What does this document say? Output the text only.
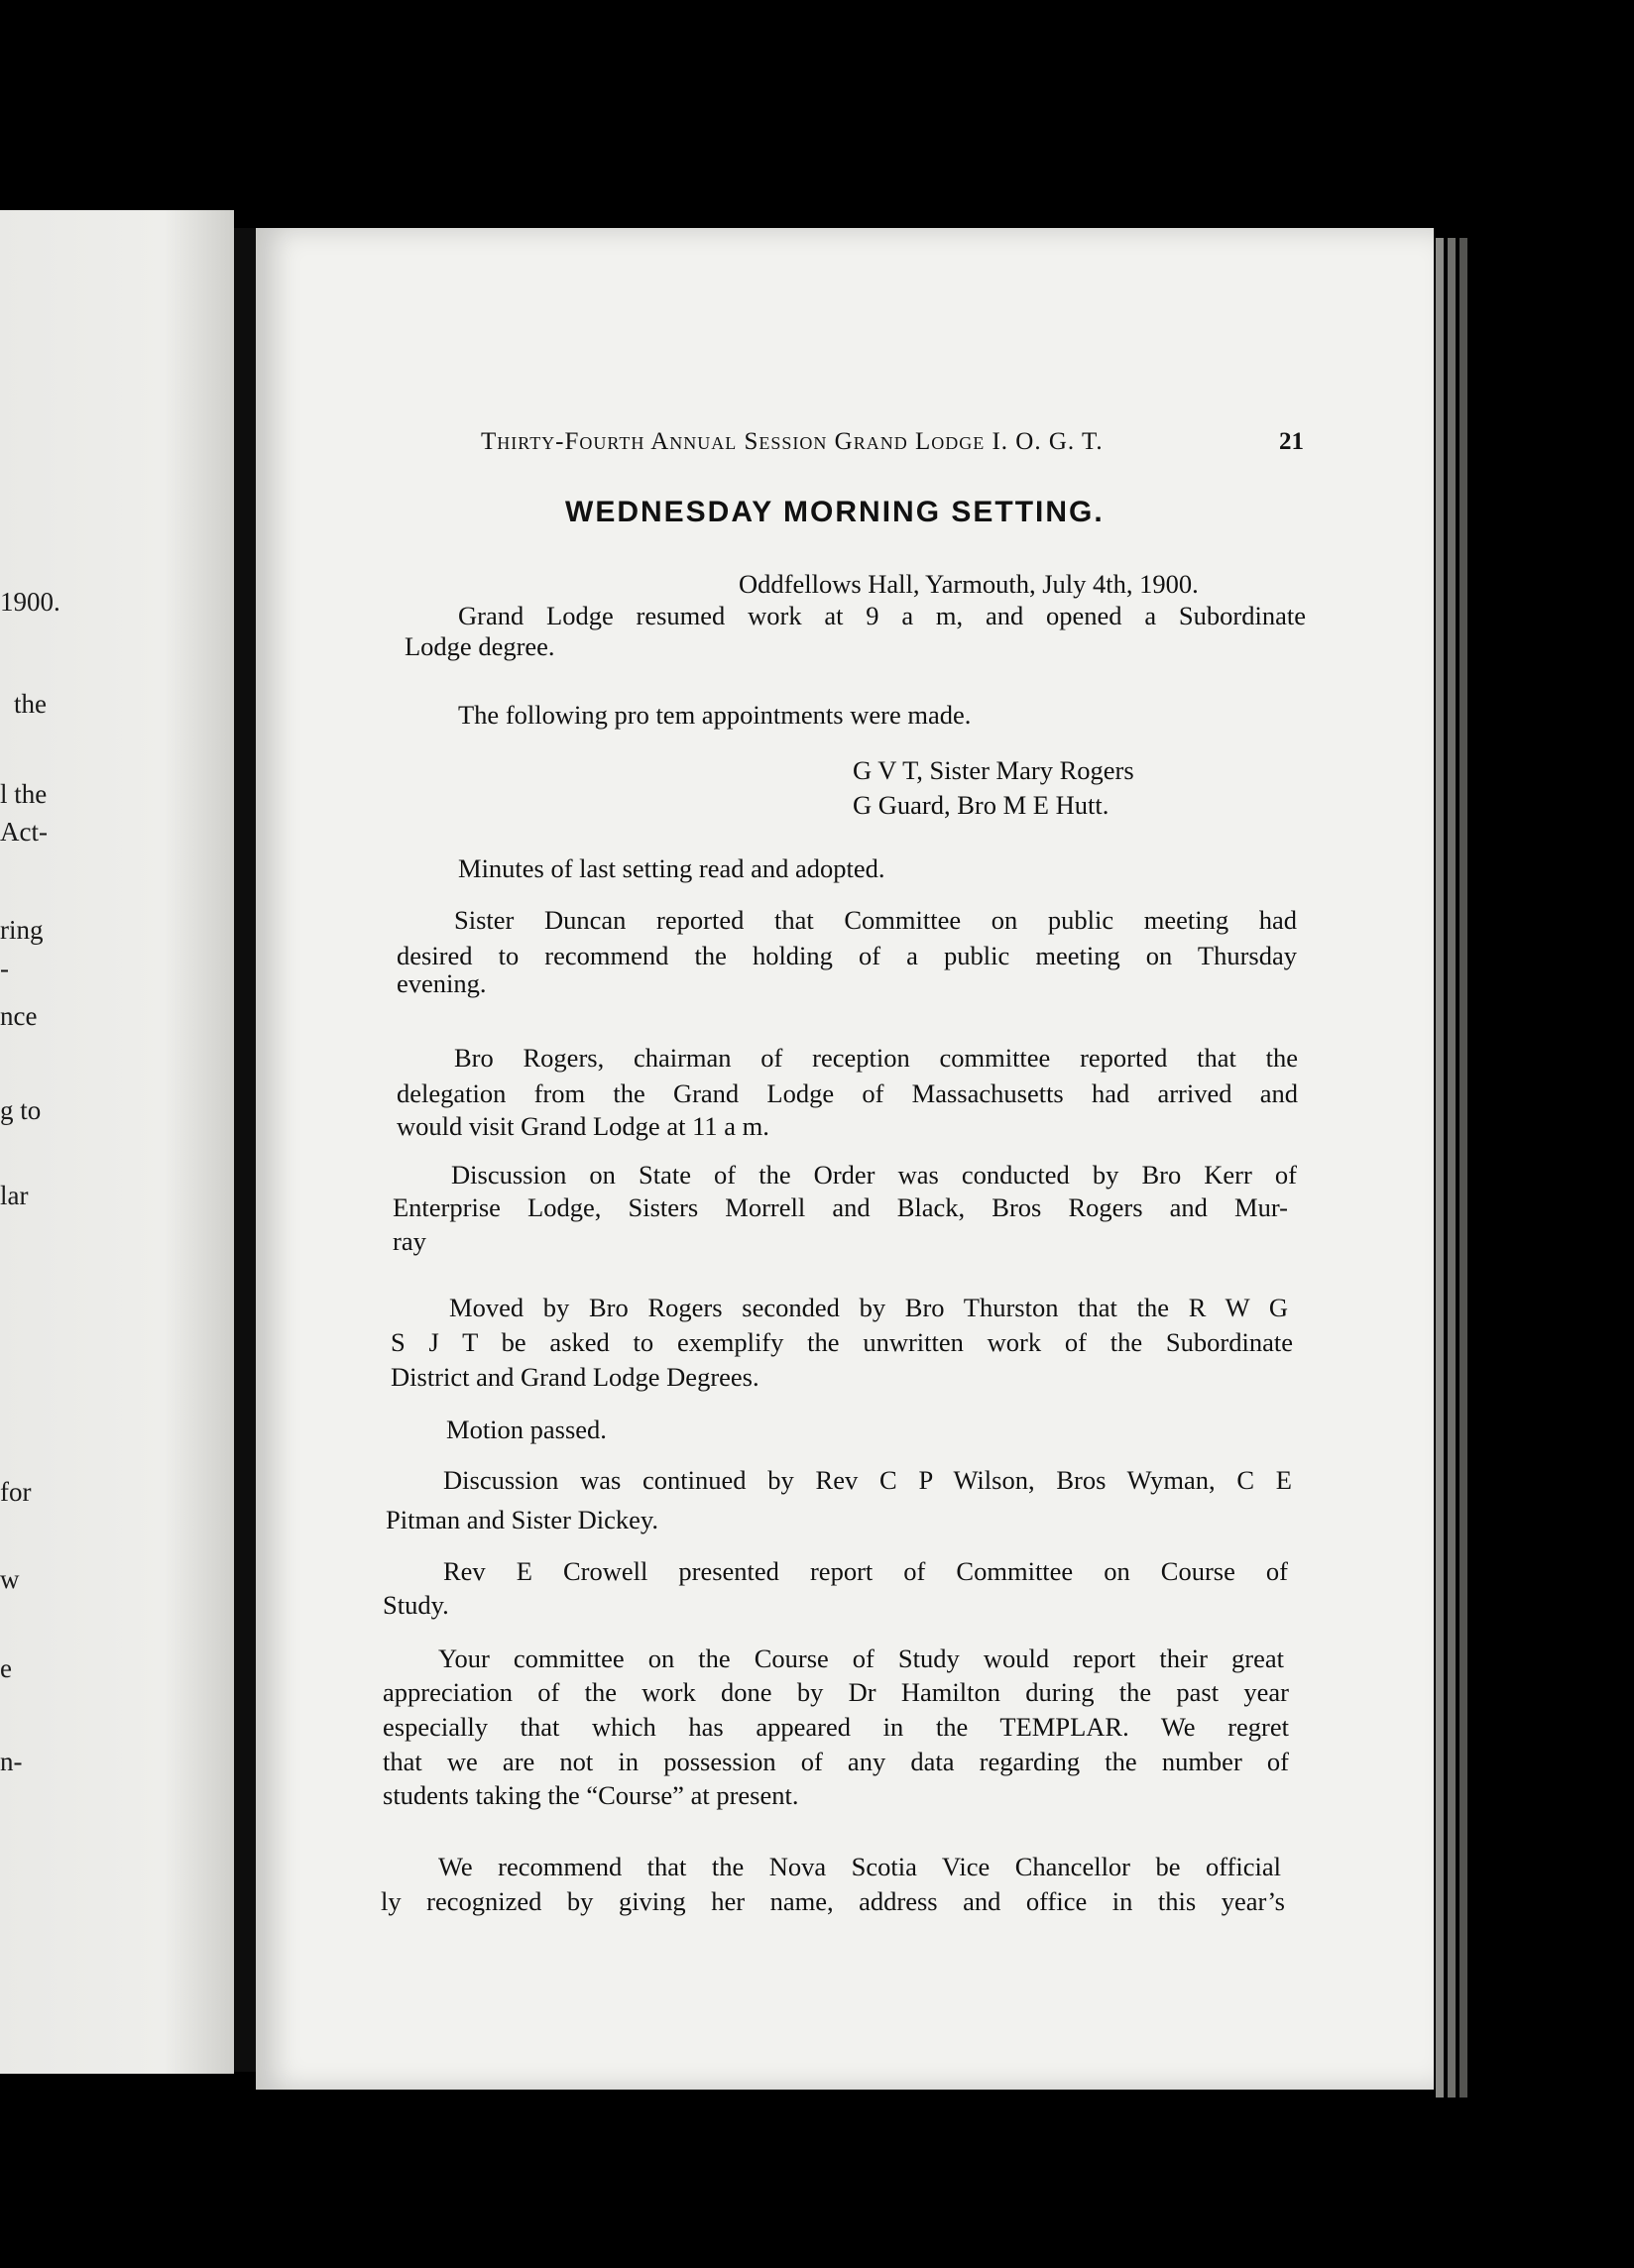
1900.
the
l the
Act-
ring
-
nce
g to
lar
for
w
e
n-
Thirty-Fourth Annual Session Grand Lodge I. O. G. T.	21
WEDNESDAY MORNING SETTING.
Oddfellows Hall, Yarmouth, July 4th, 1900.
Grand Lodge resumed work at 9 a m, and opened a Subordinate
Lodge degree.
The following pro tem appointments were made.
G V T, Sister Mary Rogers
G Guard, Bro M E Hutt.
Minutes of last setting read and adopted.
Sister Duncan reported that Committee on public meeting had
desired to recommend the holding of a public meeting on Thursday
evening.
Bro Rogers, chairman of reception committee reported that the
delegation from the Grand Lodge of Massachusetts had arrived and
would visit Grand Lodge at 11 a m.
Discussion on State of the Order was conducted by Bro Kerr of
Enterprise Lodge, Sisters Morrell and Black, Bros Rogers and Mur-
ray
Moved by Bro Rogers seconded by Bro Thurston that the R W G
S J T be asked to exemplify the unwritten work of the Subordinate
District and Grand Lodge Degrees.
Motion passed.
Discussion was continued by Rev C P Wilson, Bros Wyman, C E
Pitman and Sister Dickey.
Rev E Crowell presented report of Committee on Course of
Study.
Your committee on the Course of Study would report their great
appreciation of the work done by Dr Hamilton during the past year
especially that which has appeared in the TEMPLAR. We regret
that we are not in possession of any data regarding the number of
students taking the “Course” at present.
We recommend that the Nova Scotia Vice Chancellor be official
ly recognized by giving her name, address and office in this year’s
